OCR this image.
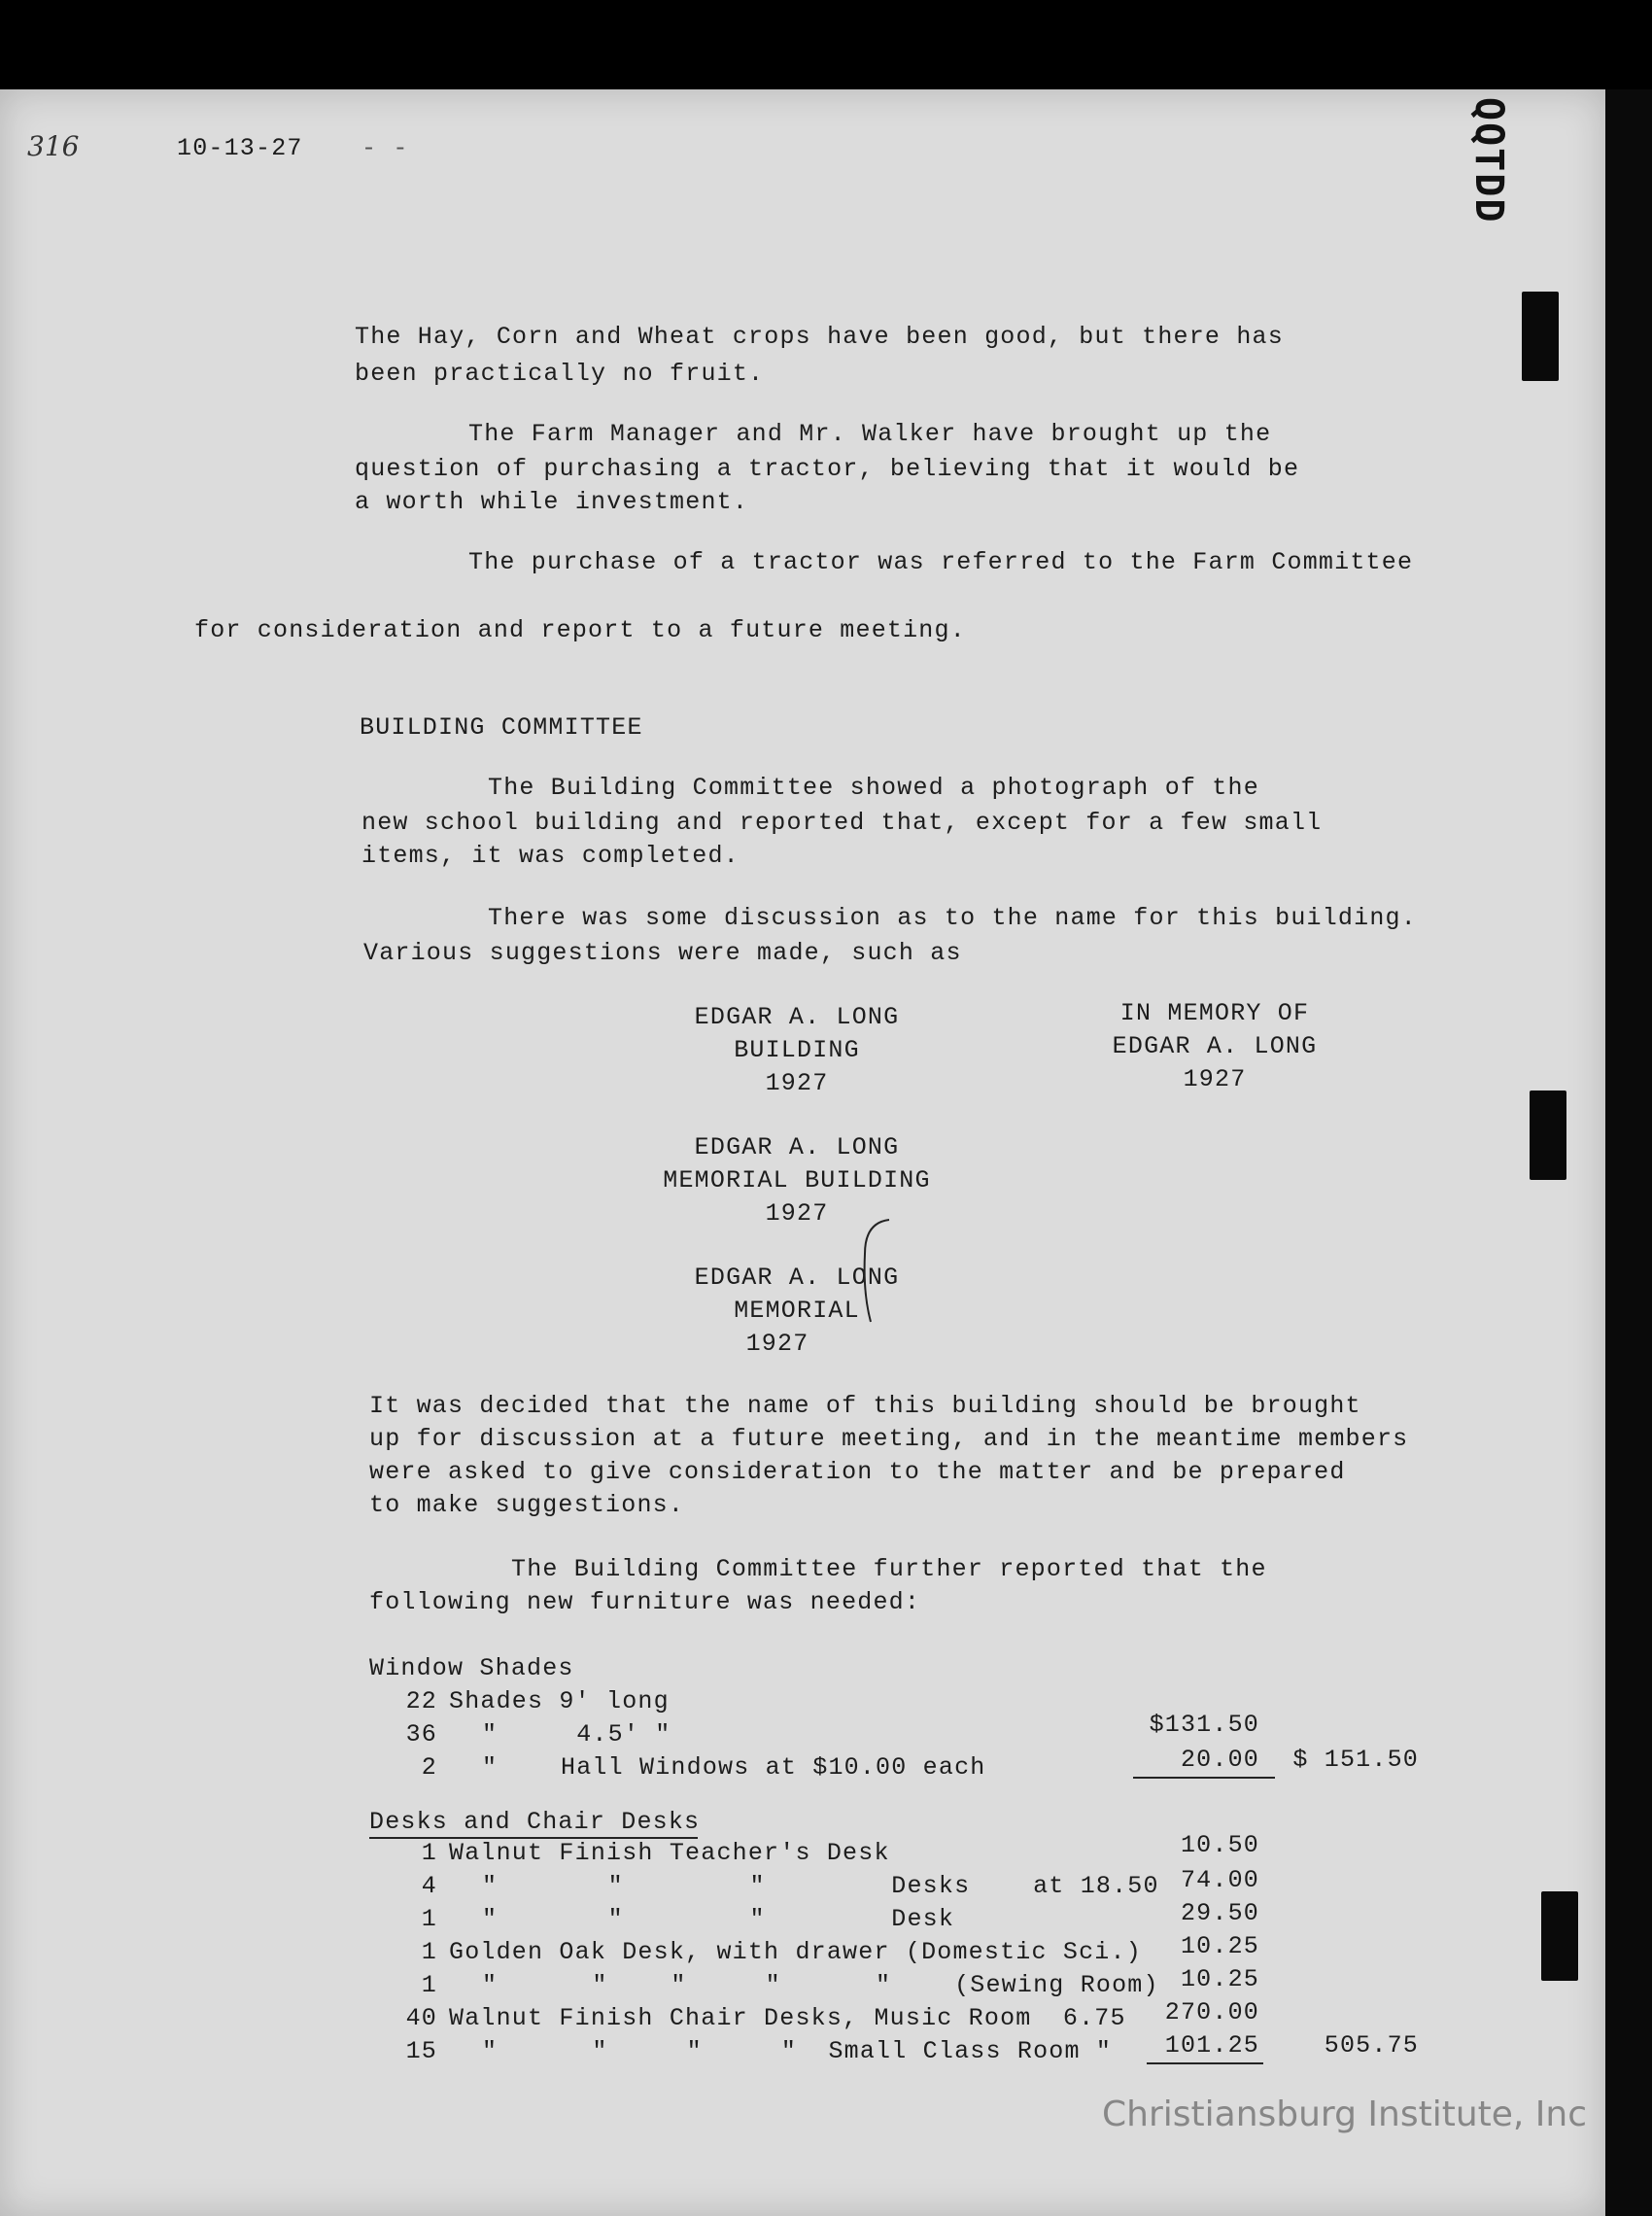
316	10-13-27 - -	QQTDD
The Hay, Corn and Wheat crops have been good, but there has
been practically no fruit.
The Farm Manager and Mr. Walker have brought up the
question of purchasing a tractor, believing that it would be
a worth while investment.
The purchase of a tractor was referred to the Farm Committee
for consideration and report to a future meeting.
BUILDING COMMITTEE
The Building Committee showed a photograph of the
new school building and reported that, except for a few small
items, it was completed.
There was some discussion as to the name for this building.
Various suggestions were made, such as
EDGAR A. LONG
BUILDING
1927
IN MEMORY OF
EDGAR A. LONG
1927
EDGAR A. LONG
MEMORIAL BUILDING
1927
EDGAR A. LONG
MEMORIAL
1927
It was decided that the name of this building should be brought
up for discussion at a future meeting, and in the meantime members
were asked to give consideration to the matter and be prepared
to make suggestions.
The Building Committee further reported that the
following new furniture was needed:
Window Shades
22 Shades 9' long
36 "     4.5' "	$131.50
2 "    Hall Windows at $10.00 each	20.00	$ 151.50
Desks and Chair Desks
1 Walnut Finish Teacher's Desk	10.50
4 "       "        "        Desks    at 18.50 74.00
1 "       "        "        Desk	29.50
1 Golden Oak Desk, with drawer (Domestic Sci.)	10.25
1 "      "    "     "      "    (Sewing Room) 10.25
40 Walnut Finish Chair Desks, Music Room  6.75	270.00
15 "      "     "     "  Small Class Room "	101.25	505.75
Christiansburg Institute, Inc
